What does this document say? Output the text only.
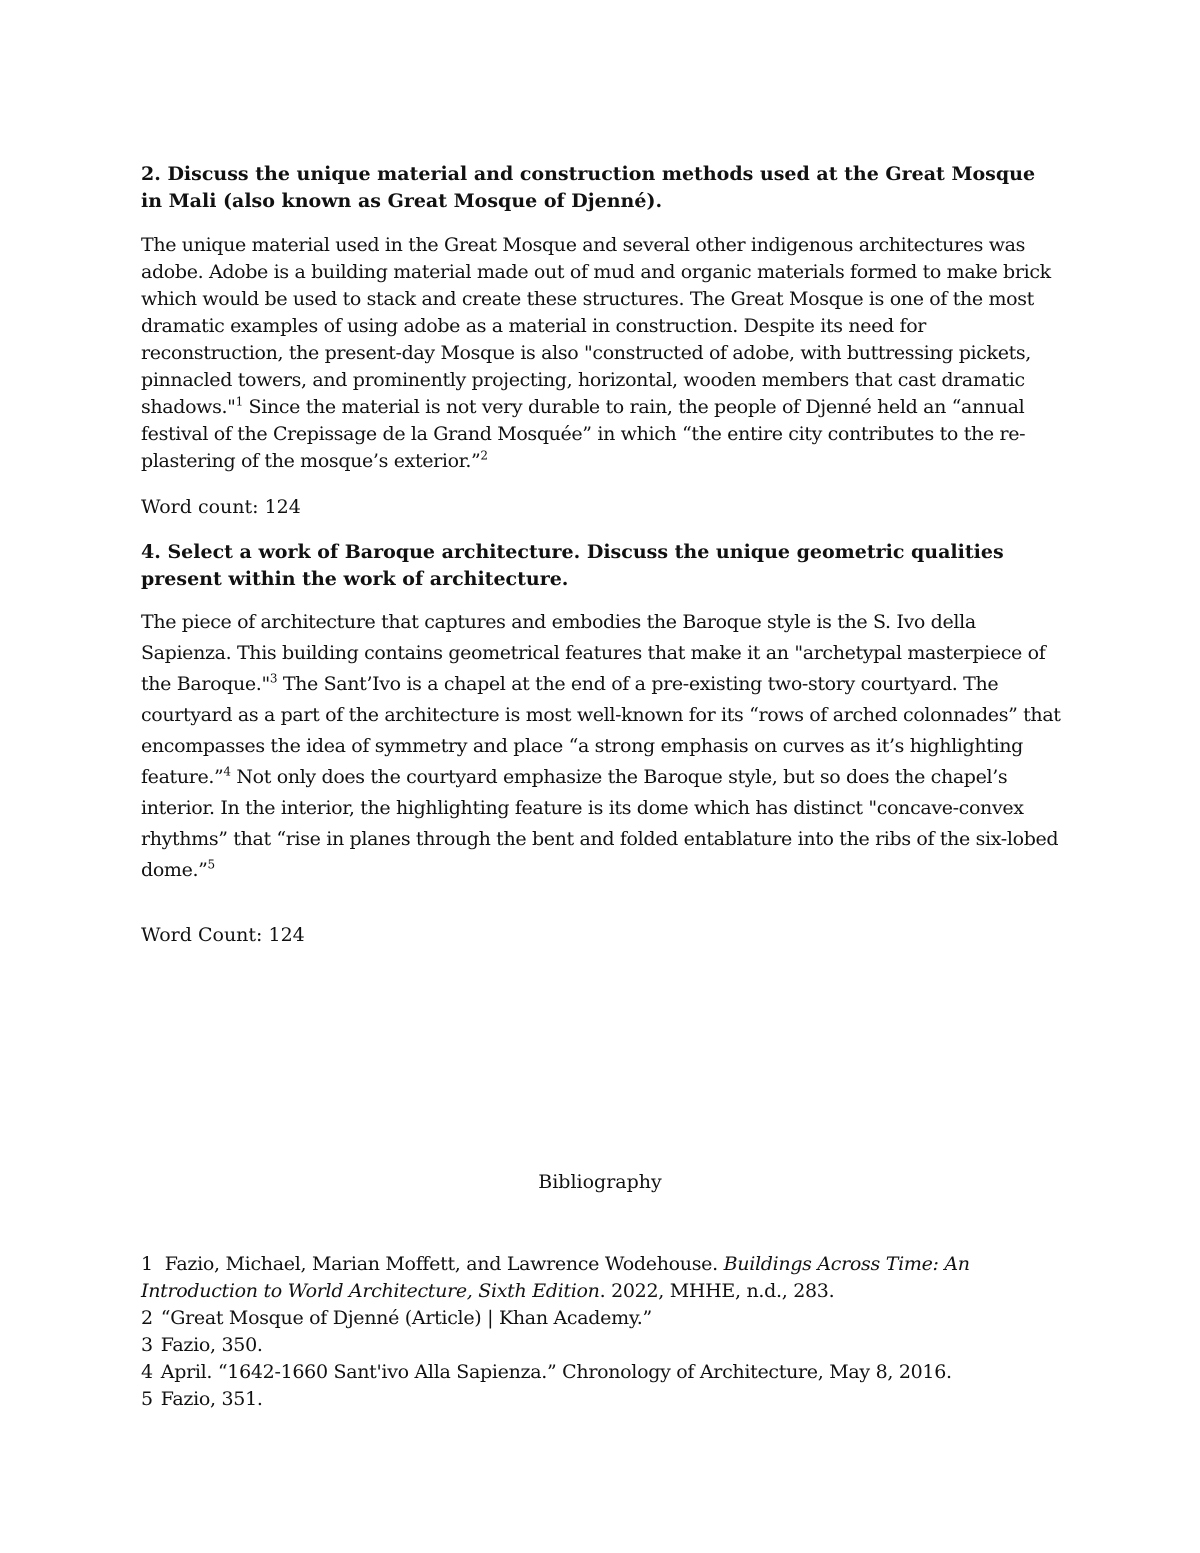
2. Discuss the unique material and construction methods used at the Great Mosque in Mali (also known as Great Mosque of Djenné).

The unique material used in the Great Mosque and several other indigenous architectures was adobe. Adobe is a building material made out of mud and organic materials formed to make brick which would be used to stack and create these structures. The Great Mosque is one of the most dramatic examples of using adobe as a material in construction. Despite its need for reconstruction, the present-day Mosque is also "constructed of adobe, with buttressing pickets, pinnacled towers, and prominently projecting, horizontal, wooden members that cast dramatic shadows."$^1$ Since the material is not very durable to rain, the people of Djenné held an “annual festival of the Crepissage de la Grand Mosquée” in which “the entire city contributes to the re-plastering of the mosque’s exterior.”$^2$

Word count: 124

4. Select a work of Baroque architecture. Discuss the unique geometric qualities present within the work of architecture.

The piece of architecture that captures and embodies the Baroque style is the S. Ivo della Sapienza. This building contains geometrical features that make it an "archetypal masterpiece of the Baroque."$^3$ The Sant’Ivo is a chapel at the end of a pre-existing two-story courtyard. The courtyard as a part of the architecture is most well-known for its “rows of arched colonnades” that encompasses the idea of symmetry and place “a strong emphasis on curves as it’s highlighting feature.”$^4$ Not only does the courtyard emphasize the Baroque style, but so does the chapel’s interior. In the interior, the highlighting feature is its dome which has distinct "concave-convex rhythms” that “rise in planes through the bent and folded entablature into the ribs of the six-lobed dome.”$^5$

Word Count: 124

Bibliography

1 Fazio, Michael, Marian Moffett, and Lawrence Wodehouse. Buildings Across Time: An Introduction to World Architecture, Sixth Edition. 2022, MHHE, n.d., 283.
2 “Great Mosque of Djenné (Article) | Khan Academy.”
3 Fazio, 350.
4 April. “1642-1660 Sant'ivo Alla Sapienza.” Chronology of Architecture, May 8, 2016.
5 Fazio, 351.
